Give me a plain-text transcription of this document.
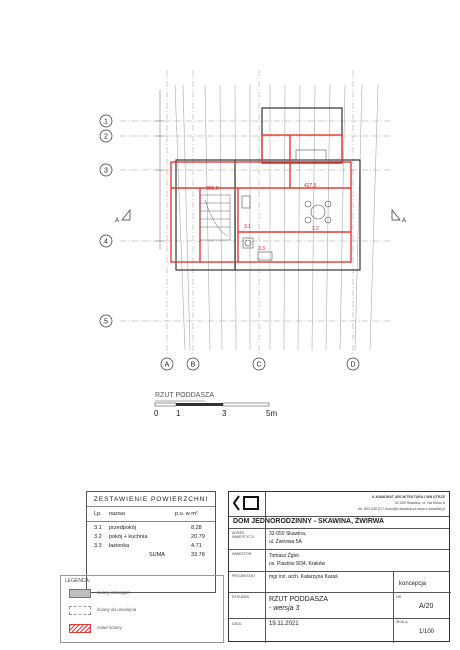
427,5
301,5
3.2
3.1
3.3
1
2
3
4
5
A	B	C	D
A	A
RZUT PODDASZA
0 1	3	5m
ZESTAWIENIE POWIERZCHNI
Lp. nazwa	p.u. w m²
3.1 przedpokój	8.28
3.2 pokój + kuchnia	20.79
3.3 łazienka	4.71
SUMA	33.78
LEGENDA:
ściany istniejące
ściany do usunięcia
nowe ściany
K-KWADRAT ARCHITEKTURA I WN ĘTRZE
32-050 Skawina, ul. Na Stoku 8
tel. 602 536 517 biuro@k-kwadrat.pl www.k-kwadrat.pl
DOM JEDNORODZINNY - SKAWINA, ŻWIRWA
ADRES INWESTYCJI	32-050 Skawina,
ul. Żwirowa 5A
INWESTOR	Tomasz Żglet
os. Piastów 9/34, Kraków
PROJEKTANT	mgr inż. arch. Katarzyna Karaś
koncepcja
RYSUNEK	RZUT PODDASZA
- wersja 3
NR
A/20
DATA	19.11.2021	SKALA
1/100
